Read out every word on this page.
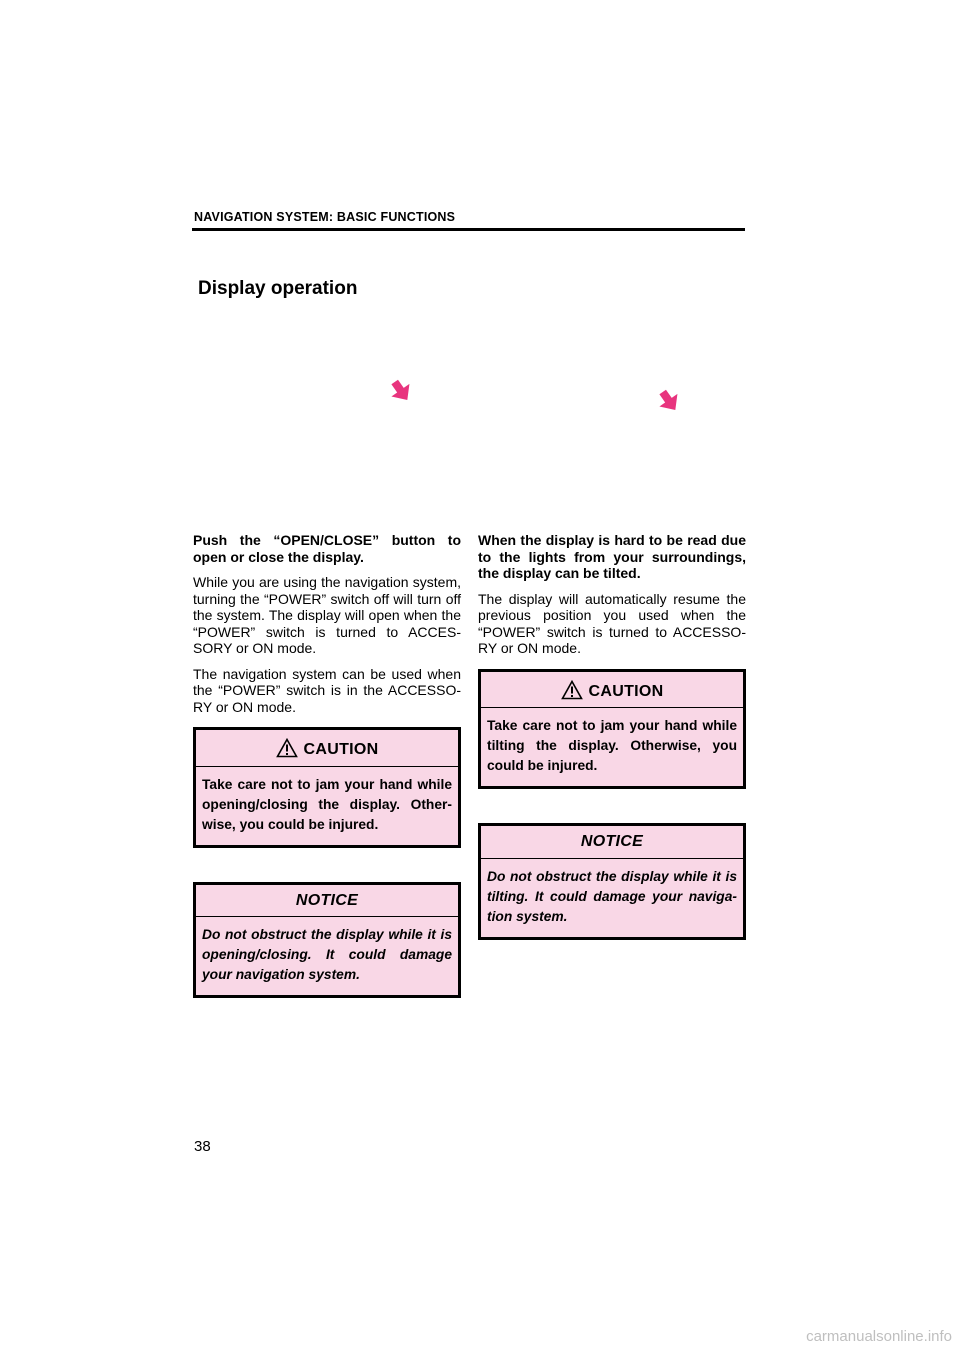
NAVIGATION SYSTEM: BASIC FUNCTIONS
Display operation

Push the “OPEN/CLOSE” button to open or close the display.

While you are using the navigation system, turning the “POWER” switch off will turn off the system. The display will open when the “POWER” switch is turned to ACCES-SORY or ON mode.

The navigation system can be used when the “POWER” switch is in the ACCESSO-RY or ON mode.

CAUTION
Take care not to jam your hand while opening/closing the display. Other-wise, you could be injured.
NOTICE
Do not obstruct the display while it is opening/closing. It could damage your navigation system.

When the display is hard to be read due to the lights from your surroundings, the display can be tilted.

The display will automatically resume the previous position you used when the “POWER” switch is turned to ACCESSO-RY or ON mode.

CAUTION
Take care not to jam your hand while tilting the display. Otherwise, you could be injured.
NOTICE
Do not obstruct the display while it is tilting. It could damage your naviga-tion system.
38
carmanualsonline.info
